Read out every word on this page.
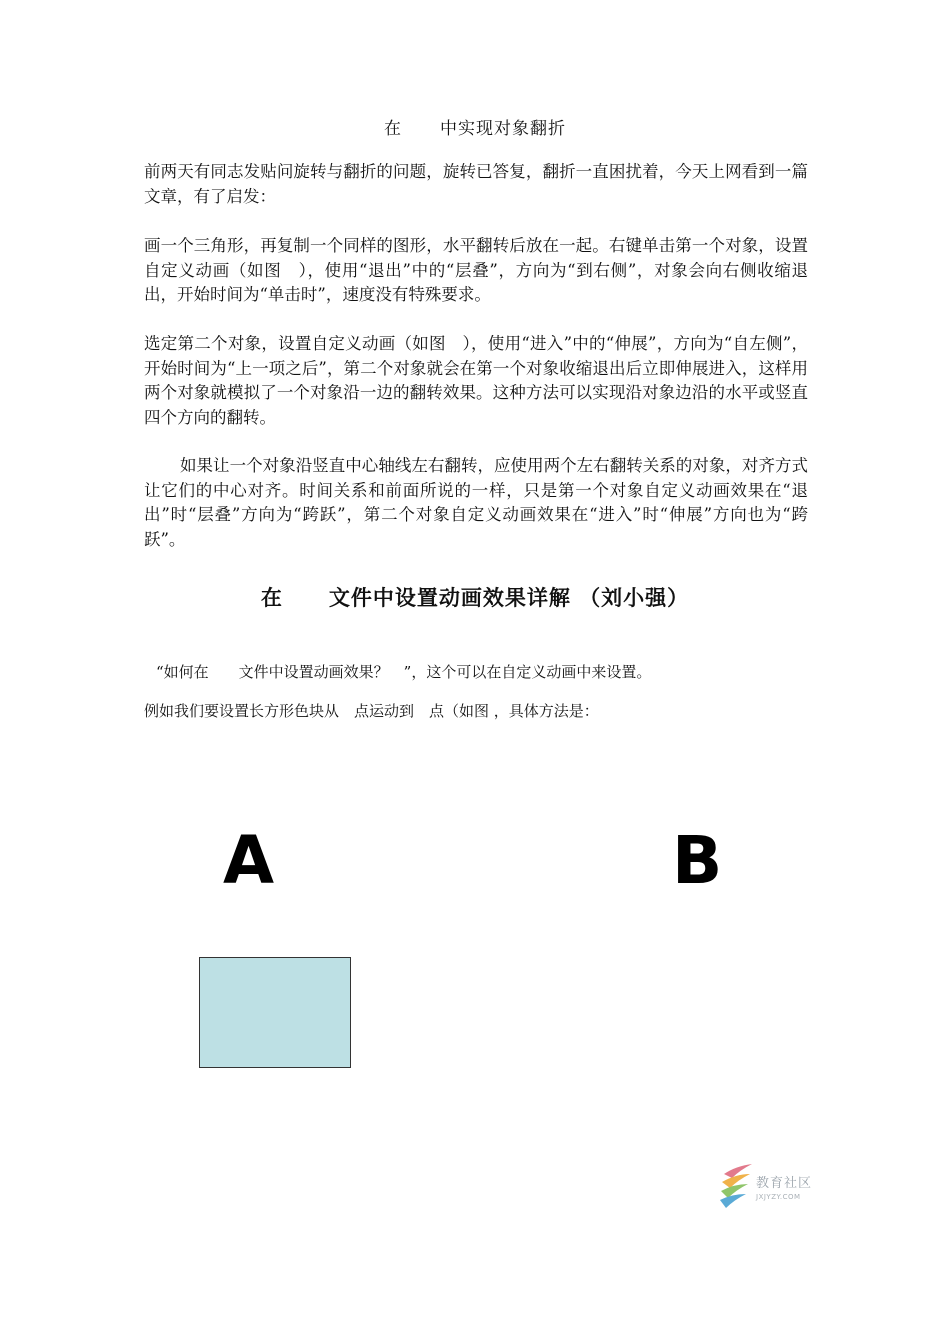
在 中实现对象翻折
前两天有同志发贴问旋转与翻折的问题，旋转已答复，翻折一直困扰着，今天上网看到一篇文章，有了启发：
画一个三角形，再复制一个同样的图形，水平翻转后放在一起。右键单击第一个对象，设置自定义动画（如图　），使用“退出”中的“层叠”，方向为“到右侧”，对象会向右侧收缩退出，开始时间为“单击时”，速度没有特殊要求。
选定第二个对象，设置自定义动画（如图　），使用“进入”中的“伸展”，方向为“自左侧”，开始时间为“上一项之后”，第二个对象就会在第一个对象收缩退出后立即伸展进入，这样用两个对象就模拟了一个对象沿一边的翻转效果。这种方法可以实现沿对象边沿的水平或竖直四个方向的翻转。
如果让一个对象沿竖直中心轴线左右翻转，应使用两个左右翻转关系的对象，对齐方式让它们的中心对齐。时间关系和前面所说的一样，只是第一个对象自定义动画效果在“退出”时“层叠”方向为“跨跃”，第二个对象自定义动画效果在“进入”时“伸展”方向也为“跨跃”。
在 文件中设置动画效果详解 （刘小强）
“如何在　　文件中设置动画效果？　”，这个可以在自定义动画中来设置。
例如我们要设置长方形色块从　点运动到　点（如图 ，具体方法是：
A	B
教育社区
JXJYZY.COM
